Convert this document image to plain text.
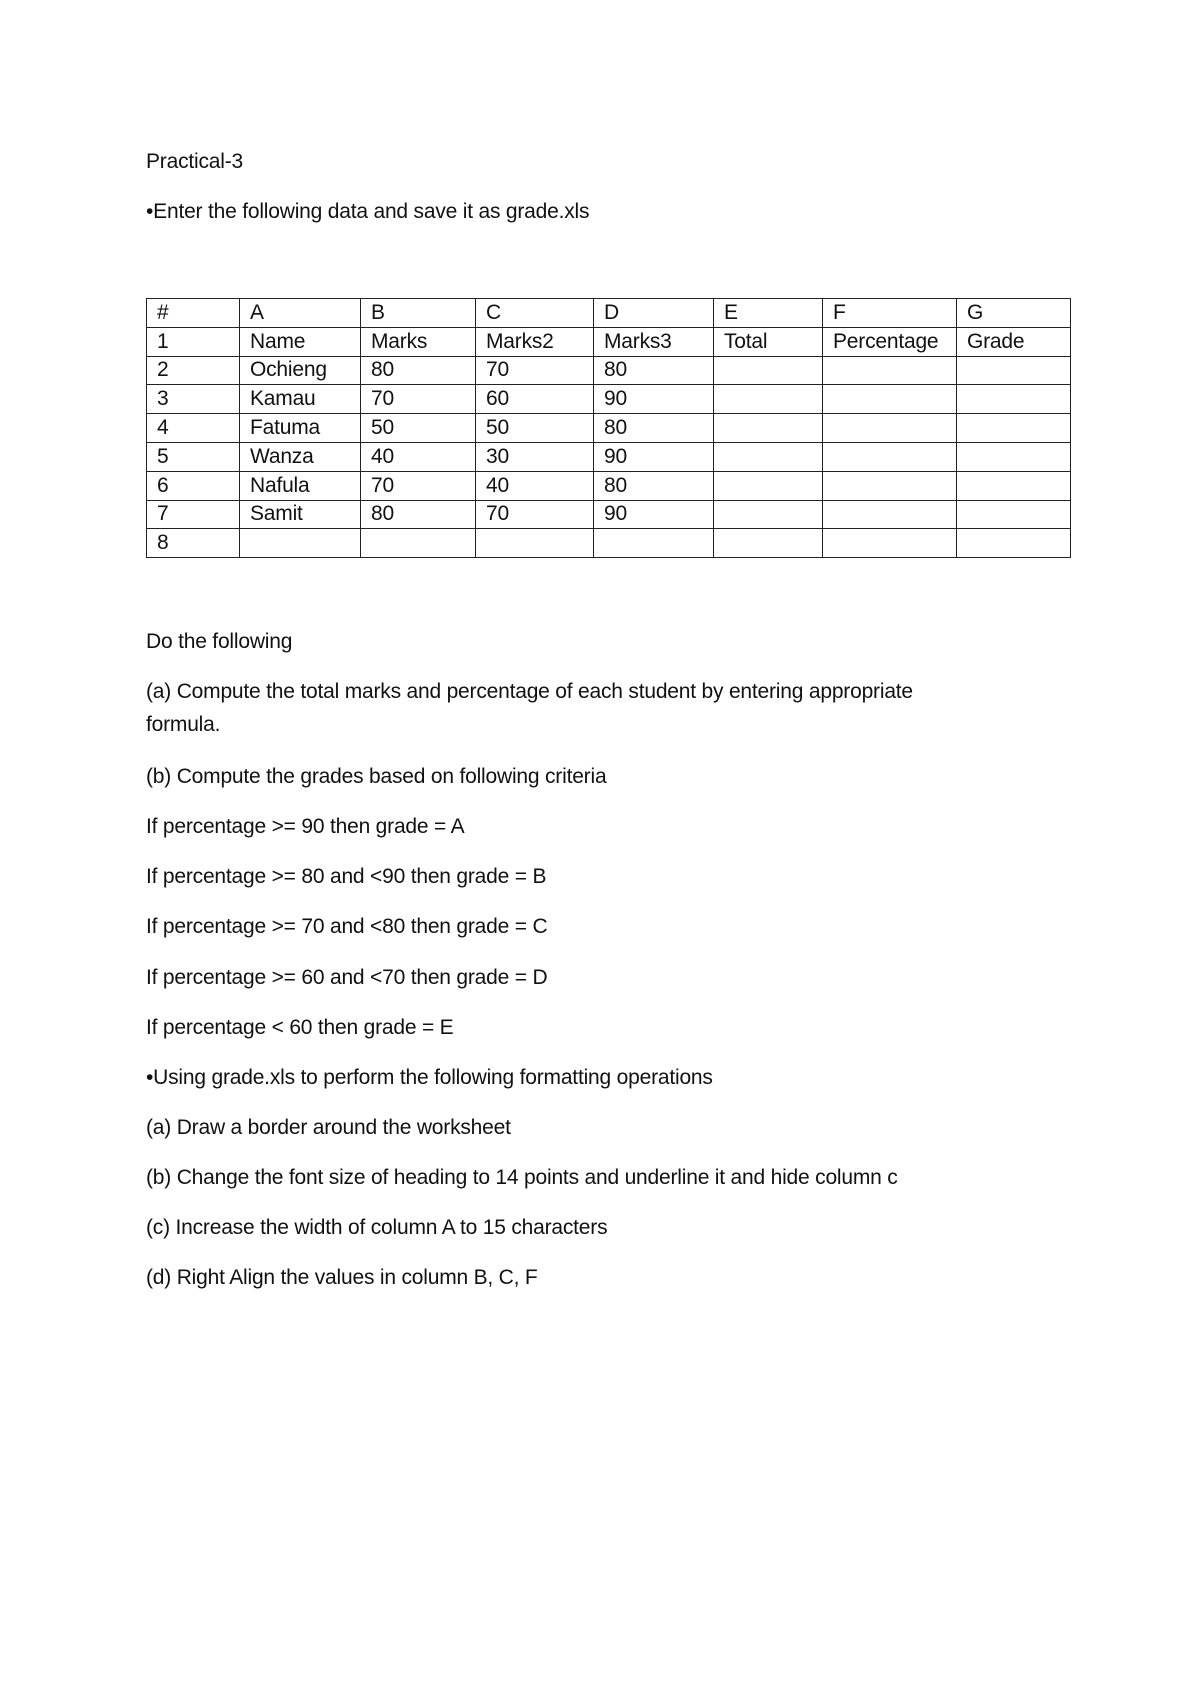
Practical-3
•Enter the following data and save it as grade.xls
#	A	B	C	D	E	F	G
1	Name	Marks	Marks2	Marks3	Total	Percentage	Grade
2	Ochieng	80	70	80			
3	Kamau	70	60	90			
4	Fatuma	50	50	80			
5	Wanza	40	30	90			
6	Nafula	70	40	80			
7	Samit	80	70	90			
8							
Do the following
(a) Compute the total marks and percentage of each student by entering appropriate
formula.
(b) Compute the grades based on following criteria
If percentage >= 90 then grade = A
If percentage >= 80 and <90 then grade = B
If percentage >= 70 and <80 then grade = C
If percentage >= 60 and <70 then grade = D
If percentage < 60 then grade = E
•Using grade.xls to perform the following formatting operations
(a) Draw a border around the worksheet
(b) Change the font size of heading to 14 points and underline it and hide column c
(c) Increase the width of column A to 15 characters
(d) Right Align the values in column B, C, F
